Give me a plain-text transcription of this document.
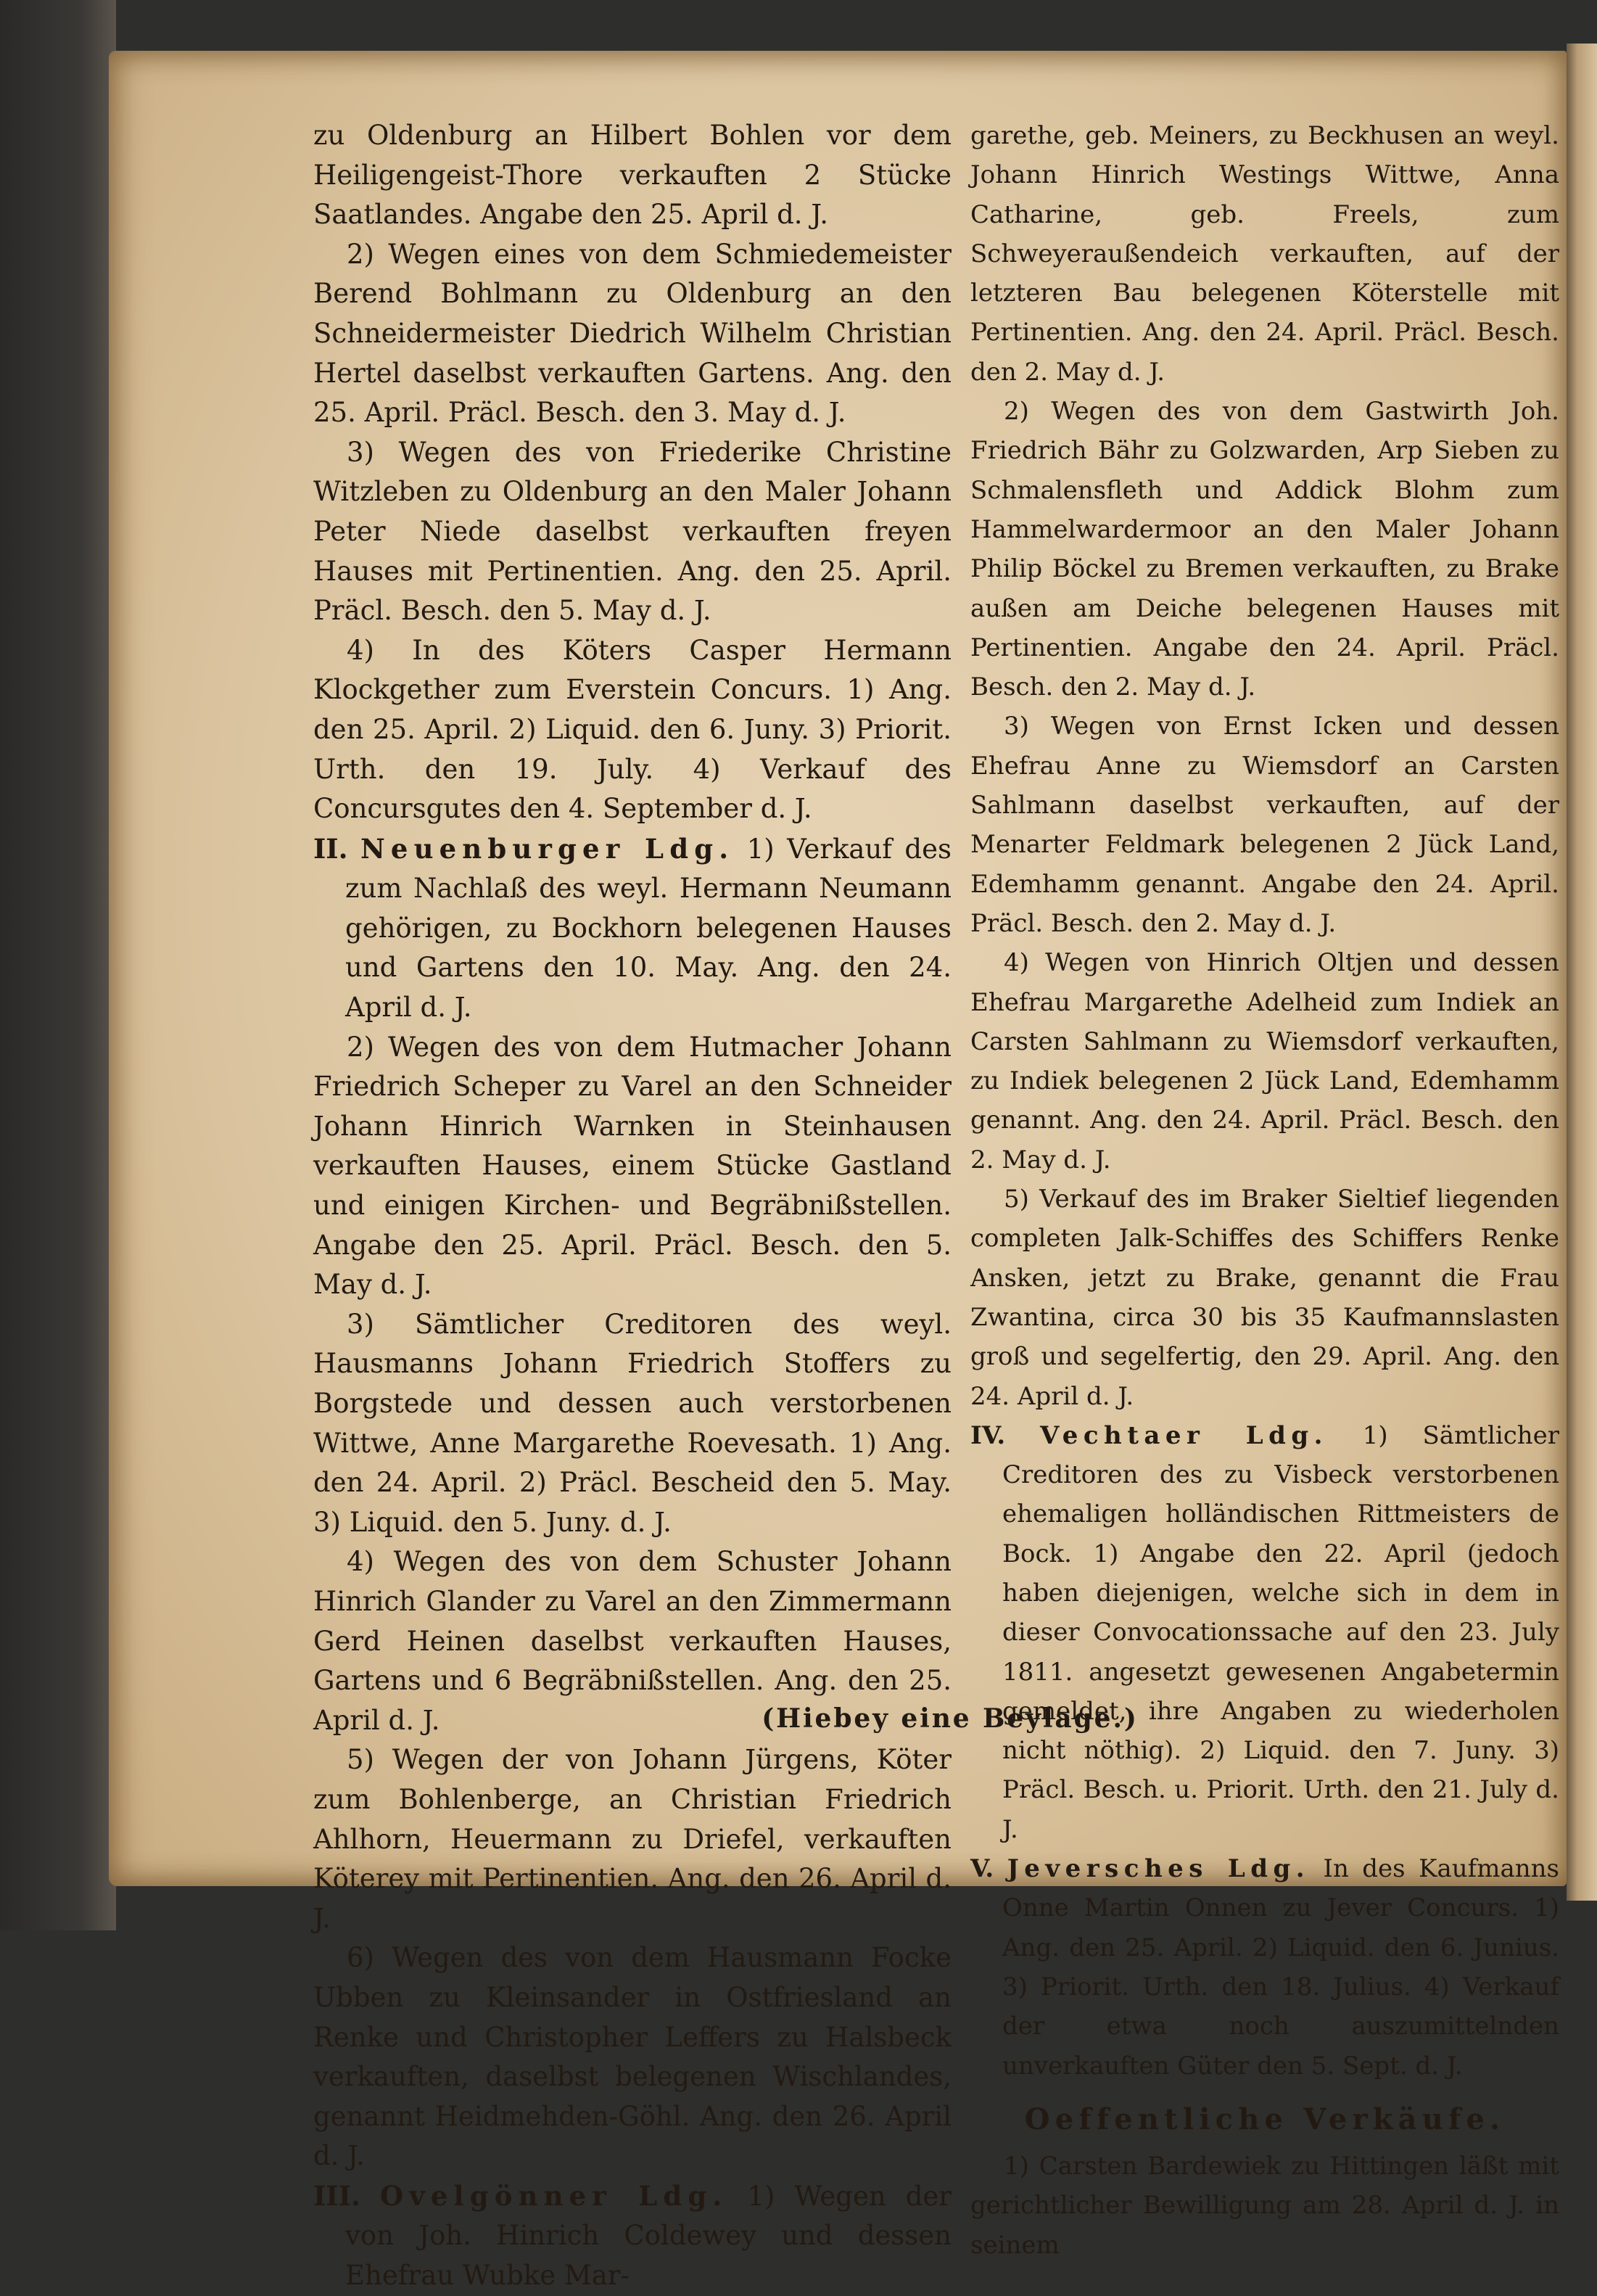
zu Oldenburg an Hilbert Bohlen vor dem Heiligengeist-Thore verkauften 2 Stücke Saatlandes. Angabe den 25. April d. J.

2) Wegen eines von dem Schmiedemeister Berend Bohlmann zu Oldenburg an den Schneidermeister Diedrich Wilhelm Christian Hertel daselbst verkauften Gartens. Ang. den 25. April. Präcl. Besch. den 3. May d. J.

3) Wegen des von Friederike Christine Witzleben zu Oldenburg an den Maler Johann Peter Niede daselbst verkauften freyen Hauses mit Pertinentien. Ang. den 25. April. Präcl. Besch. den 5. May d. J.

4) In des Köters Casper Hermann Klockgether zum Everstein Concurs. 1) Ang. den 25. April. 2) Liquid. den 6. Juny. 3) Priorit. Urth. den 19. July. 4) Verkauf des Concursgutes den 4. September d. J.

II. Neuenburger Ldg. 1) Verkauf des zum Nachlaß des weyl. Hermann Neumann gehörigen, zu Bockhorn belegenen Hauses und Gartens den 10. May. Ang. den 24. April d. J.

2) Wegen des von dem Hutmacher Johann Friedrich Scheper zu Varel an den Schneider Johann Hinrich Warnken in Steinhausen verkauften Hauses, einem Stücke Gastland und einigen Kirchen- und Begräbnißstellen. Angabe den 25. April. Präcl. Besch. den 5. May d. J.

3) Sämtlicher Creditoren des weyl. Hausmanns Johann Friedrich Stoffers zu Borgstede und dessen auch verstorbenen Wittwe, Anne Margarethe Roevesath. 1) Ang. den 24. April. 2) Präcl. Bescheid den 5. May. 3) Liquid. den 5. Juny. d. J.

4) Wegen des von dem Schuster Johann Hinrich Glander zu Varel an den Zimmermann Gerd Heinen daselbst verkauften Hauses, Gartens und 6 Begräbnißstellen. Ang. den 25. April d. J.

5) Wegen der von Johann Jürgens, Köter zum Bohlenberge, an Christian Friedrich Ahlhorn, Heuermann zu Driefel, verkauften Köterey mit Pertinentien. Ang. den 26. April d. J.

6) Wegen des von dem Hausmann Focke Ubben zu Kleinsander in Ostfriesland an Renke und Christopher Leffers zu Halsbeck verkauften, daselbst belegenen Wischlandes, genannt Heidmehden-Göhl. Ang. den 26. April d. J.

III. Ovelgönner Ldg. 1) Wegen der von Joh. Hinrich Coldewey und dessen Ehefrau Wubke Mar-

garethe, geb. Meiners, zu Beckhusen an weyl. Johann Hinrich Westings Wittwe, Anna Catharine, geb. Freels, zum Schweyeraußendeich verkauften, auf der letzteren Bau belegenen Köterstelle mit Pertinentien. Ang. den 24. April. Präcl. Besch. den 2. May d. J.

2) Wegen des von dem Gastwirth Joh. Friedrich Bähr zu Golzwarden, Arp Sieben zu Schmalensfleth und Addick Blohm zum Hammelwardermoor an den Maler Johann Philip Böckel zu Bremen verkauften, zu Brake außen am Deiche belegenen Hauses mit Pertinentien. Angabe den 24. April. Präcl. Besch. den 2. May d. J.

3) Wegen von Ernst Icken und dessen Ehefrau Anne zu Wiemsdorf an Carsten Sahlmann daselbst verkauften, auf der Menarter Feldmark belegenen 2 Jück Land, Edemhamm genannt. Angabe den 24. April. Präcl. Besch. den 2. May d. J.

4) Wegen von Hinrich Oltjen und dessen Ehefrau Margarethe Adelheid zum Indiek an Carsten Sahlmann zu Wiemsdorf verkauften, zu Indiek belegenen 2 Jück Land, Edemhamm genannt. Ang. den 24. April. Präcl. Besch. den 2. May d. J.

5) Verkauf des im Braker Sieltief liegenden completen Jalk-Schiffes des Schiffers Renke Ansken, jetzt zu Brake, genannt die Frau Zwantina, circa 30 bis 35 Kaufmannslasten groß und segelfertig, den 29. April. Ang. den 24. April d. J.

IV. Vechtaer Ldg. 1) Sämtlicher Creditoren des zu Visbeck verstorbenen ehemaligen holländischen Rittmeisters de Bock. 1) Angabe den 22. April (jedoch haben diejenigen, welche sich in dem in dieser Convocationssache auf den 23. July 1811. angesetzt gewesenen Angabetermin gemeldet, ihre Angaben zu wiederholen nicht nöthig). 2) Liquid. den 7. Juny. 3) Präcl. Besch. u. Priorit. Urth. den 21. July d. J.

V. Jeversches Ldg. In des Kaufmanns Onne Martin Onnen zu Jever Concurs. 1) Ang. den 25. April. 2) Liquid. den 6. Junius. 3) Priorit. Urth. den 18. Julius. 4) Verkauf der etwa noch auszumittelnden unverkauften Güter den 5. Sept. d. J.

Oeffentliche Verkäufe.

1) Carsten Bardewiek zu Hittingen läßt mit gerichtlicher Bewilligung am 28. April d. J. in seinem

(Hiebey eine Beylage.)
